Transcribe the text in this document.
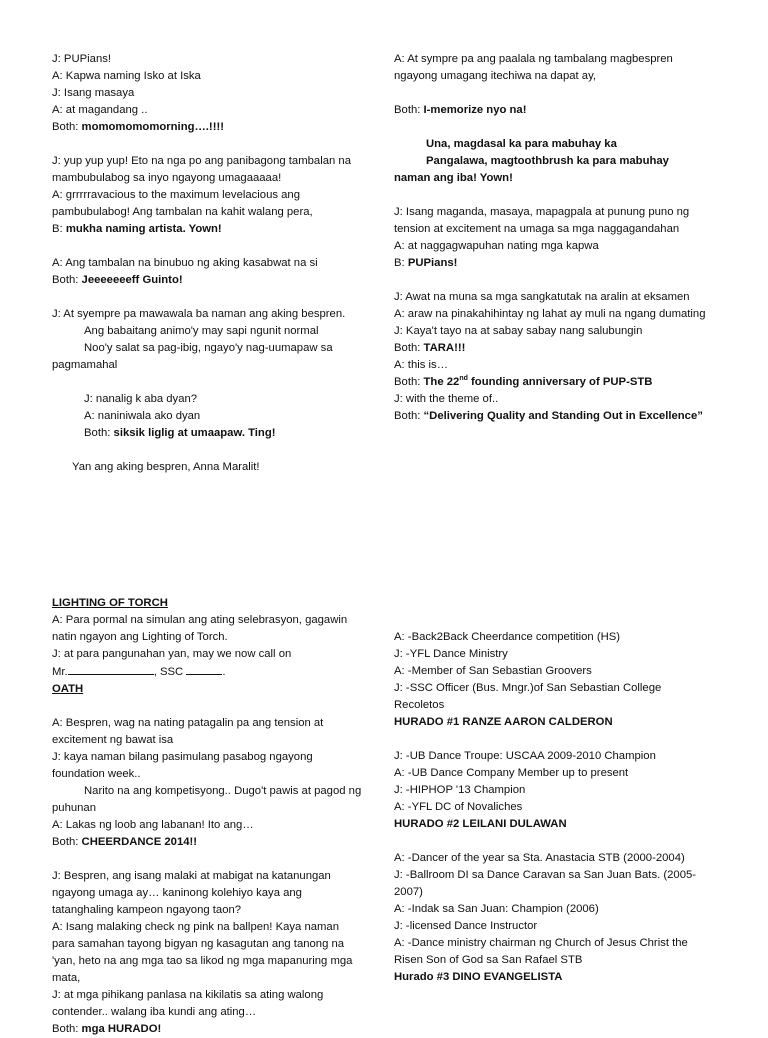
J: PUPians!

A: Kapwa naming Isko at Iska

J: Isang masaya

A: at magandang ..

Both: momomomomorning….!!!!

J: yup yup yup! Eto na nga po ang panibagong tambalan na mambubulabog sa inyo ngayong umagaaaaa!

A: grrrrravacious to the maximum levelacious ang pambubulabog! Ang tambalan na kahit walang pera,

B: mukha naming artista. Yown!

A: Ang tambalan na binubuo ng aking kasabwat na si

Both: Jeeeeeeeff Guinto!

J: At syempre pa mawawala ba naman ang aking bespren.

Ang babaitang animo'y may sapi ngunit normal

Noo'y salat sa pag-ibig, ngayo'y nag-uumapaw sa pagmamahal

J: nanalig k aba dyan?

A: naniniwala ako dyan

Both: siksik liglig at umaapaw. Ting!

Yan ang aking bespren, Anna Maralit!

A: At sympre pa ang paalala ng tambalang magbespren ngayong umagang itechiwa na dapat ay,

Both: I-memorize nyo na!

Una, magdasal ka para mabuhay ka

Pangalawa, magtoothbrush ka para mabuhay

naman ang iba! Yown!

J: Isang maganda, masaya, mapagpala at punung puno ng tension at excitement na umaga sa mga naggagandahan

A: at naggagwapuhan nating mga kapwa

B: PUPians!

J: Awat na muna sa mga sangkatutak na aralin at eksamen

A: araw na pinakahihintay ng lahat ay muli na ngang dumating

J: Kaya't tayo na at sabay sabay nang salubungin

Both: TARA!!!

A: this is…

Both: The 22nd founding anniversary of PUP-STB

J: with the theme of..

Both: “Delivering Quality and Standing Out in Excellence”

LIGHTING OF TORCH

A: Para pormal na simulan ang ating selebrasyon, gagawin natin ngayon ang Lighting of Torch.

J: at para pangunahan yan, may we now call on

Mr.	, SSC	.

OATH

A: Bespren, wag na nating patagalin pa ang tension at excitement ng bawat isa

J: kaya naman bilang pasimulang pasabog ngayong foundation week..

Narito na ang kompetisyong.. Dugo't pawis at pagod ng puhunan

A: Lakas ng loob ang labanan! Ito ang…

Both: CHEERDANCE 2014!!

J: Bespren, ang isang malaki at mabigat na katanungan ngayong umaga ay… kaninong kolehiyo kaya ang tatanghaling kampeon ngayong taon?

A: Isang malaking check ng pink na ballpen! Kaya naman para samahan tayong bigyan ng kasagutan ang tanong na 'yan, heto na ang mga tao sa likod ng mga mapanuring mga mata,

J: at mga pihikang panlasa na kikilatis sa ating walong contender.. walang iba kundi ang ating…

Both: mga HURADO!

A: -Back2Back Cheerdance competition (HS)

J: -YFL Dance Ministry

A: -Member of San Sebastian Groovers

J: -SSC Officer (Bus. Mngr.)of San Sebastian College Recoletos

HURADO #1 RANZE AARON CALDERON

J: -UB Dance Troupe: USCAA 2009-2010 Champion

A: -UB Dance Company Member up to present

J: -HIPHOP '13 Champion

A: -YFL DC of Novaliches

HURADO #2 LEILANI DULAWAN

A: -Dancer of the year sa Sta. Anastacia STB (2000-2004)

J: -Ballroom DI sa Dance Caravan sa San Juan Bats. (2005-2007)

A: -Indak sa San Juan: Champion (2006)

J: -licensed Dance Instructor

A: -Dance ministry chairman ng Church of Jesus Christ the Risen Son of God sa San Rafael STB

Hurado #3 DINO EVANGELISTA
